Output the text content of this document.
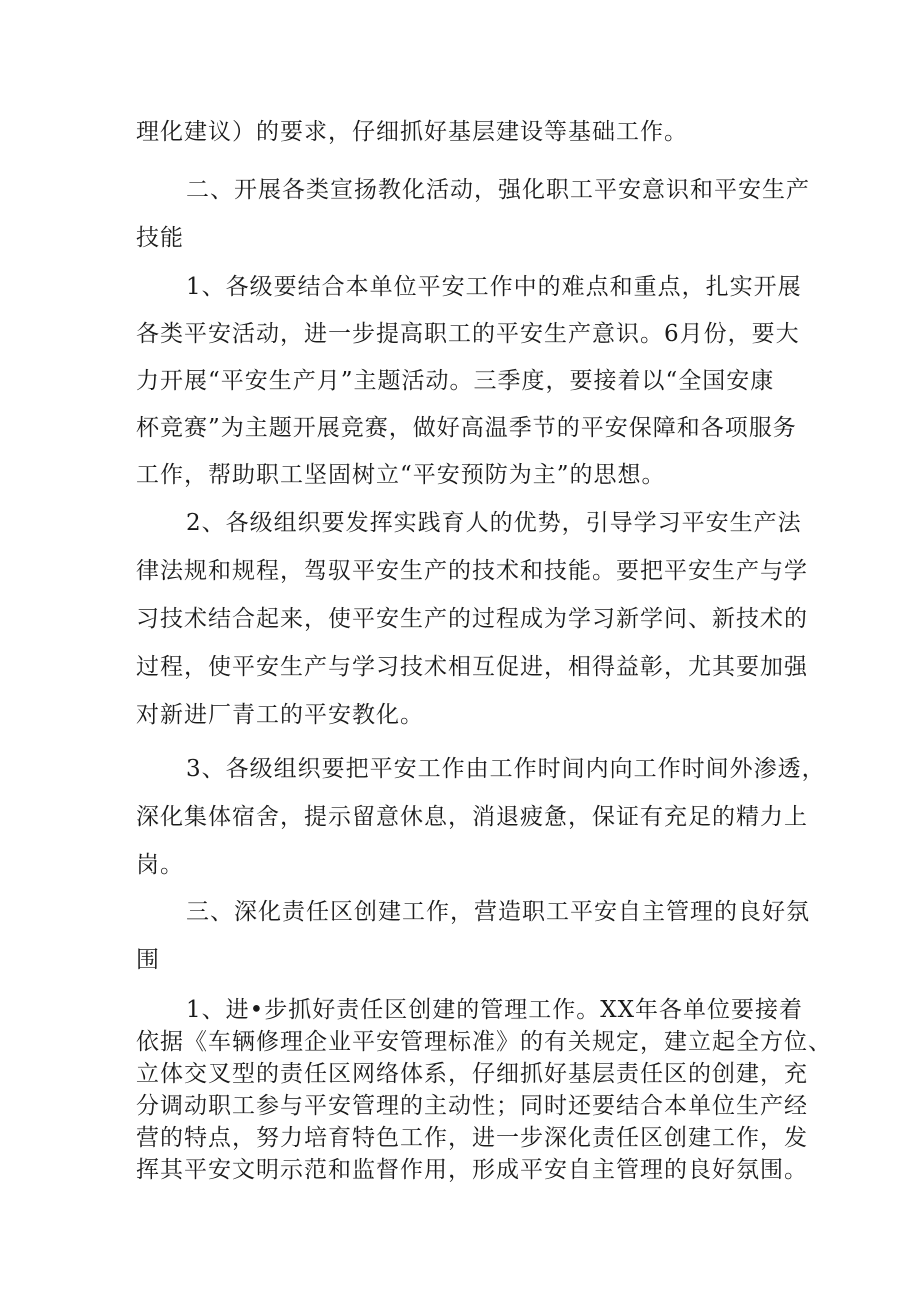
理化建议）的要求，仔细抓好基层建设等基础工作。
二、开展各类宣扬教化活动，强化职工平安意识和平安生产
技能
1、各级要结合本单位平安工作中的难点和重点，扎实开展
各类平安活动，进一步提高职工的平安生产意识。6月份，要大
力开展“平安生产月”主题活动。三季度，要接着以“全国安康
杯竞赛”为主题开展竞赛，做好高温季节的平安保障和各项服务
工作，帮助职工坚固树立“平安预防为主”的思想。
2、各级组织要发挥实践育人的优势，引导学习平安生产法
律法规和规程，驾驭平安生产的技术和技能。要把平安生产与学
习技术结合起来，使平安生产的过程成为学习新学问、新技术的
过程，使平安生产与学习技术相互促进，相得益彰，尤其要加强
对新进厂青工的平安教化。
3、各级组织要把平安工作由工作时间内向工作时间外渗透，
深化集体宿舍，提示留意休息，消退疲惫，保证有充足的精力上
岗。
三、深化责任区创建工作，营造职工平安自主管理的良好氛
围
1、进•步抓好责任区创建的管理工作。XX年各单位要接着
依据《车辆修理企业平安管理标准》的有关规定，建立起全方位、
立体交叉型的责任区网络体系，仔细抓好基层责任区的创建，充
分调动职工参与平安管理的主动性；同时还要结合本单位生产经
营的特点，努力培育特色工作，进一步深化责任区创建工作，发
挥其平安文明示范和监督作用，形成平安自主管理的良好氛围。
